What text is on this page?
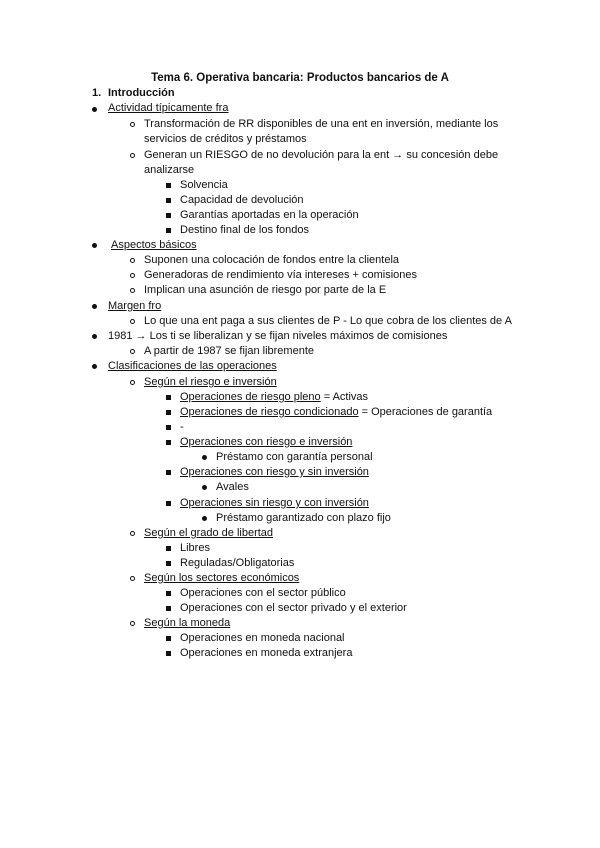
Tema 6. Operativa bancaria: Productos bancarios de A
1. Introducción
Actividad típicamente fra
Transformación de RR disponibles de una ent en inversión, mediante los
servicios de créditos y préstamos
Generan un RIESGO de no devolución para la ent → su concesión debe
analizarse
Solvencia
Capacidad de devolución
Garantías aportadas en la operación
Destino final de los fondos
Aspectos básicos
Suponen una colocación de fondos entre la clientela
Generadoras de rendimiento vía intereses + comisiones
Implican una asunción de riesgo por parte de la E
Margen fro
Lo que una ent paga a sus clientes de P - Lo que cobra de los clientes de A
1981 → Los ti se liberalizan y se fijan niveles máximos de comisiones
A partir de 1987 se fijan libremente
Clasificaciones de las operaciones
Según el riesgo e inversión
Operaciones de riesgo pleno = Activas
Operaciones de riesgo condicionado = Operaciones de garantía
-
Operaciones con riesgo e inversión
Préstamo con garantía personal
Operaciones con riesgo y sin inversión
Avales
Operaciones sin riesgo y con inversión
Préstamo garantizado con plazo fijo
Según el grado de libertad
Libres
Reguladas/Obligatorias
Según los sectores económicos
Operaciones con el sector público
Operaciones con el sector privado y el exterior
Según la moneda
Operaciones en moneda nacional
Operaciones en moneda extranjera
